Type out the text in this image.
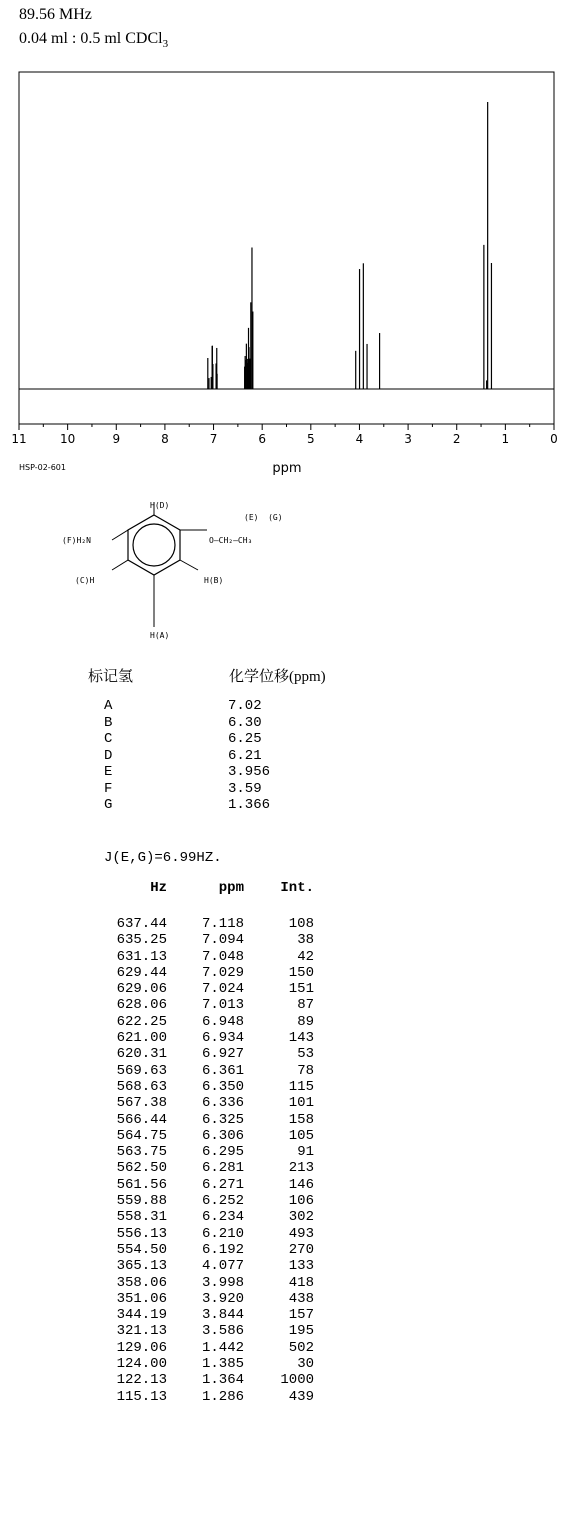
89.56 MHz
0.04 ml : 0.5 ml CDCl$_3$
11	10	9	8	7	6	5	4	3	2	1	0
ppm
HSP-02-601
H(D)
(E)  (G)
(F)H₂N	O—CH₂—CH₃
(C)H	H(B)
H(A)
标记氢	化学位移(ppm)
A	7.02
B	6.30
C	6.25
D	6.21
E	3.956
F	3.59
G	1.366
J(E,G)=6.99HZ.
Hz	ppm	Int.
637.44	7.118	108
635.25	7.094	38
631.13	7.048	42
629.44	7.029	150
629.06	7.024	151
628.06	7.013	87
622.25	6.948	89
621.00	6.934	143
620.31	6.927	53
569.63	6.361	78
568.63	6.350	115
567.38	6.336	101
566.44	6.325	158
564.75	6.306	105
563.75	6.295	91
562.50	6.281	213
561.56	6.271	146
559.88	6.252	106
558.31	6.234	302
556.13	6.210	493
554.50	6.192	270
365.13	4.077	133
358.06	3.998	418
351.06	3.920	438
344.19	3.844	157
321.13	3.586	195
129.06	1.442	502
124.00	1.385	30
122.13	1.364	1000
115.13	1.286	439
